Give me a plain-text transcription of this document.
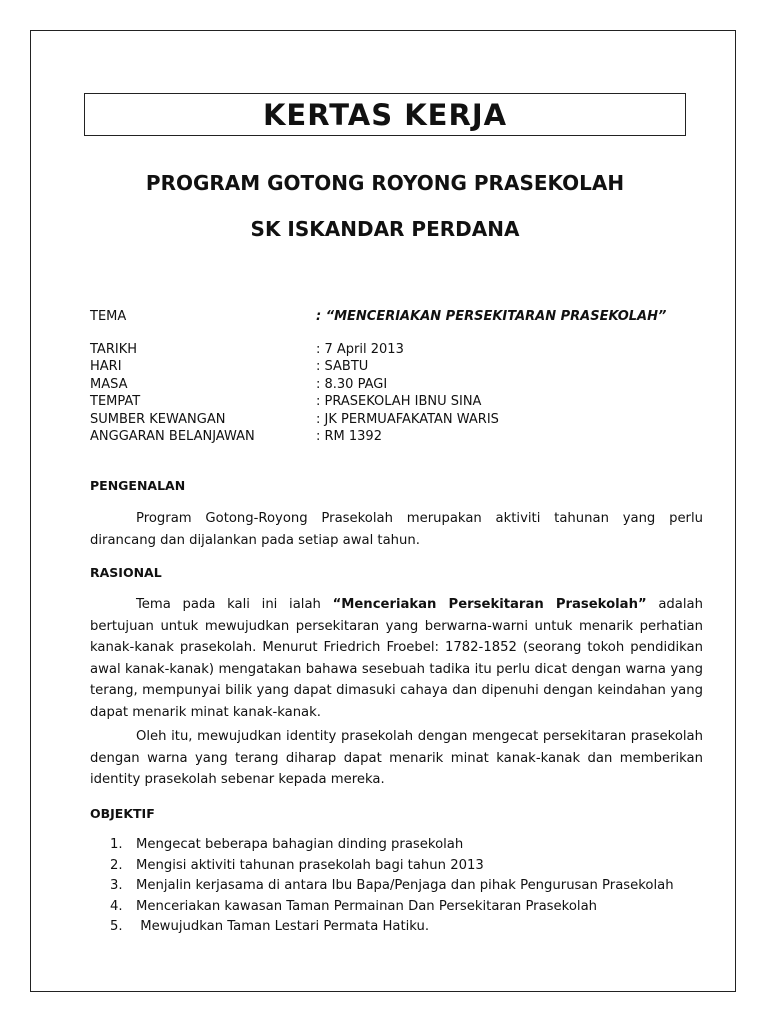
KERTAS KERJA
PROGRAM GOTONG ROYONG PRASEKOLAH
SK ISKANDAR PERDANA
TEMA	: “MENCERIAKAN PERSEKITARAN PRASEKOLAH”
TARIKH	: 7 April 2013
HARI	: SABTU
MASA	: 8.30 PAGI
TEMPAT	: PRASEKOLAH IBNU SINA
SUMBER KEWANGAN	: JK PERMUAFAKATAN WARIS
ANGGARAN BELANJAWAN	: RM 1392
PENGENALAN
Program Gotong-Royong Prasekolah merupakan aktiviti tahunan yang perlu dirancang dan dijalankan pada setiap awal tahun.
RASIONAL
Tema pada kali ini ialah “Menceriakan Persekitaran Prasekolah” adalah bertujuan untuk mewujudkan persekitaran yang berwarna-warni untuk menarik perhatian kanak-kanak prasekolah. Menurut Friedrich Froebel: 1782-1852 (seorang tokoh pendidikan awal kanak-kanak) mengatakan bahawa sesebuah tadika itu perlu dicat dengan warna yang terang, mempunyai bilik yang dapat dimasuki cahaya dan dipenuhi dengan keindahan yang dapat menarik minat kanak-kanak.
Oleh itu, mewujudkan identity prasekolah dengan mengecat persekitaran prasekolah dengan warna yang terang diharap dapat menarik minat kanak-kanak dan memberikan identity prasekolah sebenar kepada mereka.
OBJEKTIF
1.	Mengecat beberapa bahagian dinding prasekolah
2.	Mengisi aktiviti tahunan prasekolah bagi tahun 2013
3.	Menjalin kerjasama di antara Ibu Bapa/Penjaga dan pihak Pengurusan Prasekolah
4.	Menceriakan kawasan Taman Permainan Dan Persekitaran Prasekolah
5.	Mewujudkan Taman Lestari Permata Hatiku.
